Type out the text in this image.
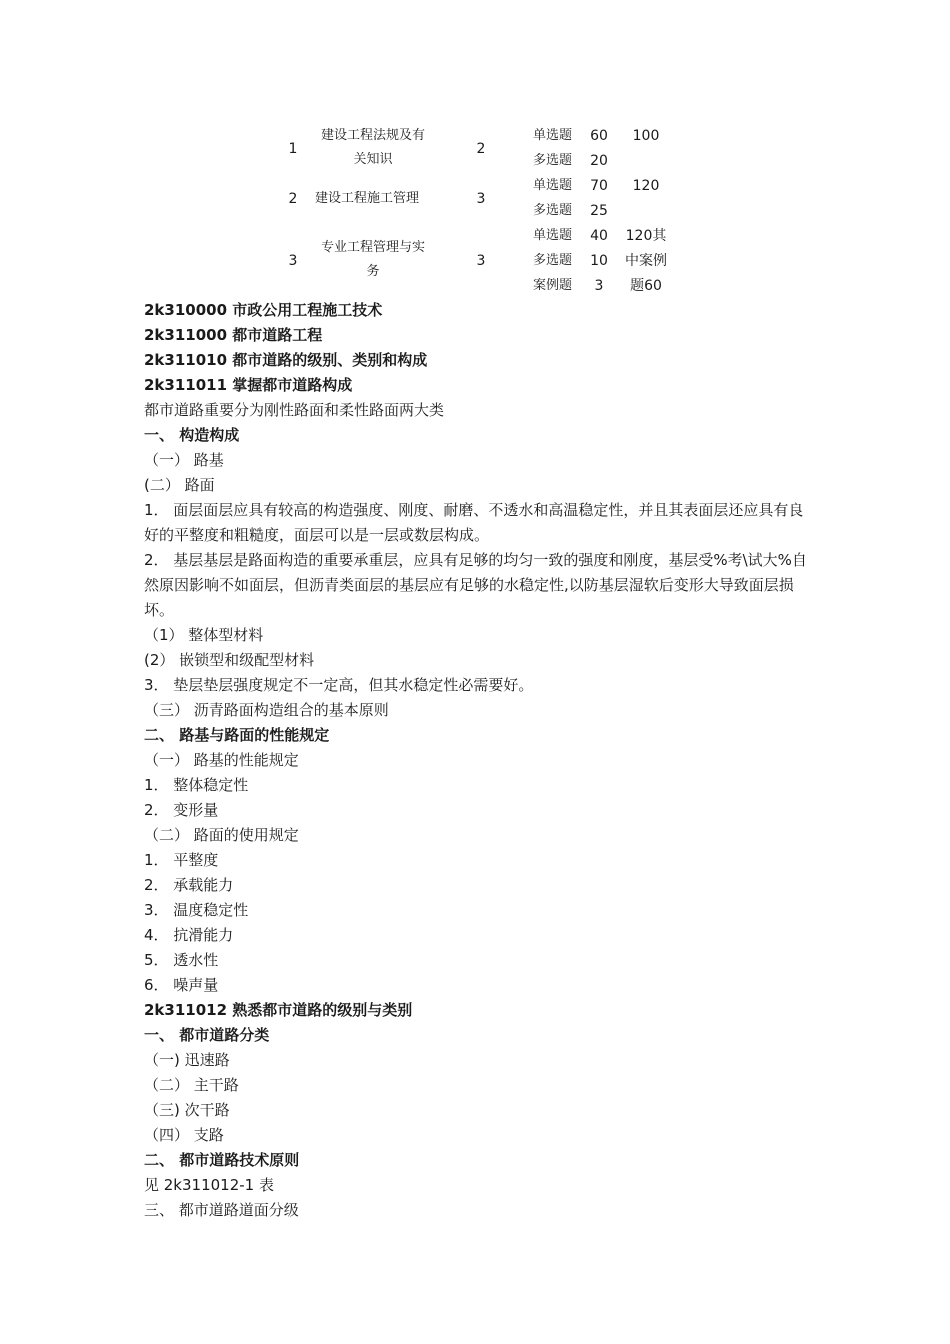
1
建设工程法规及有
关知识
2
单选题
多选题
60
20
100
2	建设工程施工管理	3
单选题
多选题
70
25
120
3
专业工程管理与实
务
3
单选题
多选题
案例题
40
10
3
120其
中案例
题60

2k310000 市政公用工程施工技术

2k311000 都市道路工程

2k311010 都市道路的级别、类别和构成

2k311011 掌握都市道路构成

都市道路重要分为刚性路面和柔性路面两大类

一、 构造构成

（一） 路基

(二） 路面

1． 面层面层应具有较高的构造强度、刚度、耐磨、不透水和高温稳定性，并且其表面层还应具有良好的平整度和粗糙度，面层可以是一层或数层构成。

2． 基层基层是路面构造的重要承重层，应具有足够的均匀一致的强度和刚度，基层受%考\试大%自然原因影响不如面层，但沥青类面层的基层应有足够的水稳定性,以防基层湿软后变形大导致面层损坏。

（1） 整体型材料

(2） 嵌锁型和级配型材料

3． 垫层垫层强度规定不一定高，但其水稳定性必需要好。

（三） 沥青路面构造组合的基本原则

二、 路基与路面的性能规定

（一） 路基的性能规定

1． 整体稳定性

2． 变形量

（二） 路面的使用规定

1． 平整度

2． 承载能力

3． 温度稳定性

4． 抗滑能力

5． 透水性

6． 噪声量

2k311012 熟悉都市道路的级别与类别

一、 都市道路分类

（一) 迅速路

（二） 主干路

（三) 次干路

（四） 支路

二、 都市道路技术原则

见 2k311012-1 表

三、 都市道路道面分级
